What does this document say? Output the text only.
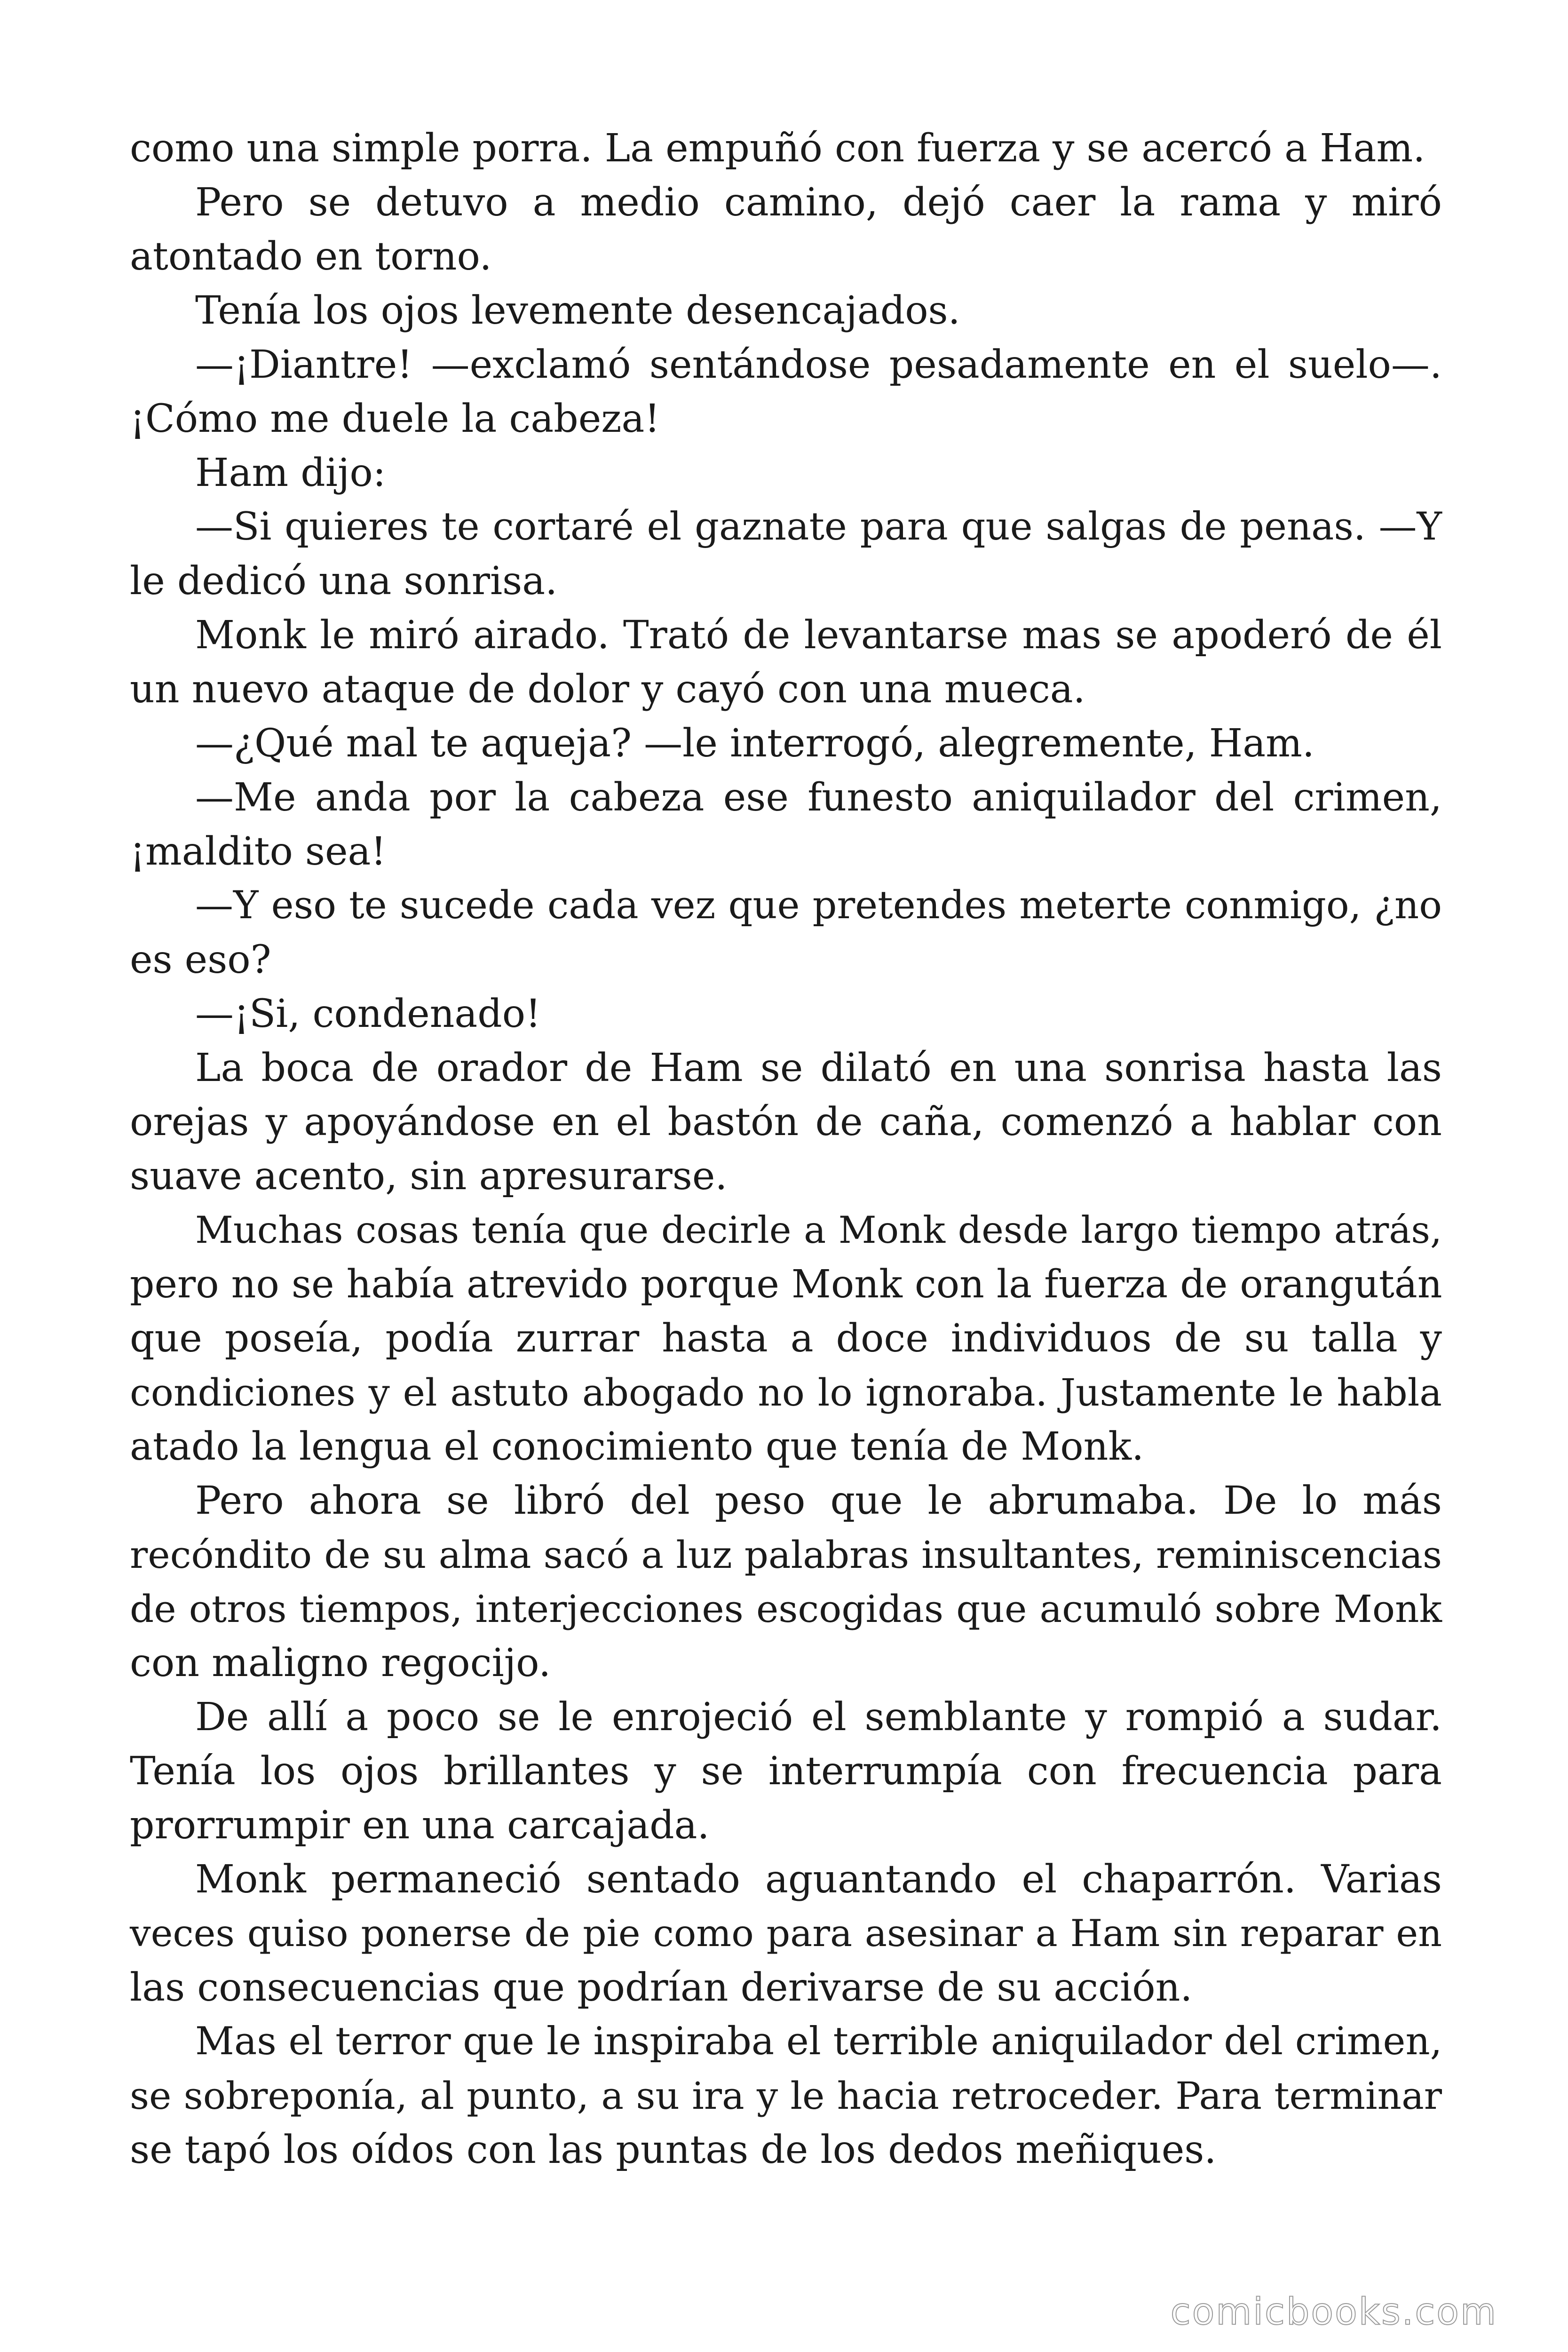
como una simple porra. La empuñó con fuerza y se acercó a Ham.
Pero se detuvo a medio camino, dejó caer la rama y miró
atontado en torno.
Tenía los ojos levemente desencajados.
—¡Diantre! —exclamó sentándose pesadamente en el suelo—.
¡Cómo me duele la cabeza!
Ham dijo:
—Si quieres te cortaré el gaznate para que salgas de penas. —Y
le dedicó una sonrisa.
Monk le miró airado. Trató de levantarse mas se apoderó de él
un nuevo ataque de dolor y cayó con una mueca.
—¿Qué mal te aqueja? —le interrogó, alegremente, Ham.
—Me anda por la cabeza ese funesto aniquilador del crimen,
¡maldito sea!
—Y eso te sucede cada vez que pretendes meterte conmigo, ¿no
es eso?
—¡Si, condenado!
La boca de orador de Ham se dilató en una sonrisa hasta las
orejas y apoyándose en el bastón de caña, comenzó a hablar con
suave acento, sin apresurarse.
Muchas cosas tenía que decirle a Monk desde largo tiempo atrás,
pero no se había atrevido porque Monk con la fuerza de orangután
que poseía, podía zurrar hasta a doce individuos de su talla y
condiciones y el astuto abogado no lo ignoraba. Justamente le habla
atado la lengua el conocimiento que tenía de Monk.
Pero ahora se libró del peso que le abrumaba. De lo más
recóndito de su alma sacó a luz palabras insultantes, reminiscencias
de otros tiempos, interjecciones escogidas que acumuló sobre Monk
con maligno regocijo.
De allí a poco se le enrojeció el semblante y rompió a sudar.
Tenía los ojos brillantes y se interrumpía con frecuencia para
prorrumpir en una carcajada.
Monk permaneció sentado aguantando el chaparrón. Varias
veces quiso ponerse de pie como para asesinar a Ham sin reparar en
las consecuencias que podrían derivarse de su acción.
Mas el terror que le inspiraba el terrible aniquilador del crimen,
se sobreponía, al punto, a su ira y le hacia retroceder. Para terminar
se tapó los oídos con las puntas de los dedos meñiques.
comicbooks.com
